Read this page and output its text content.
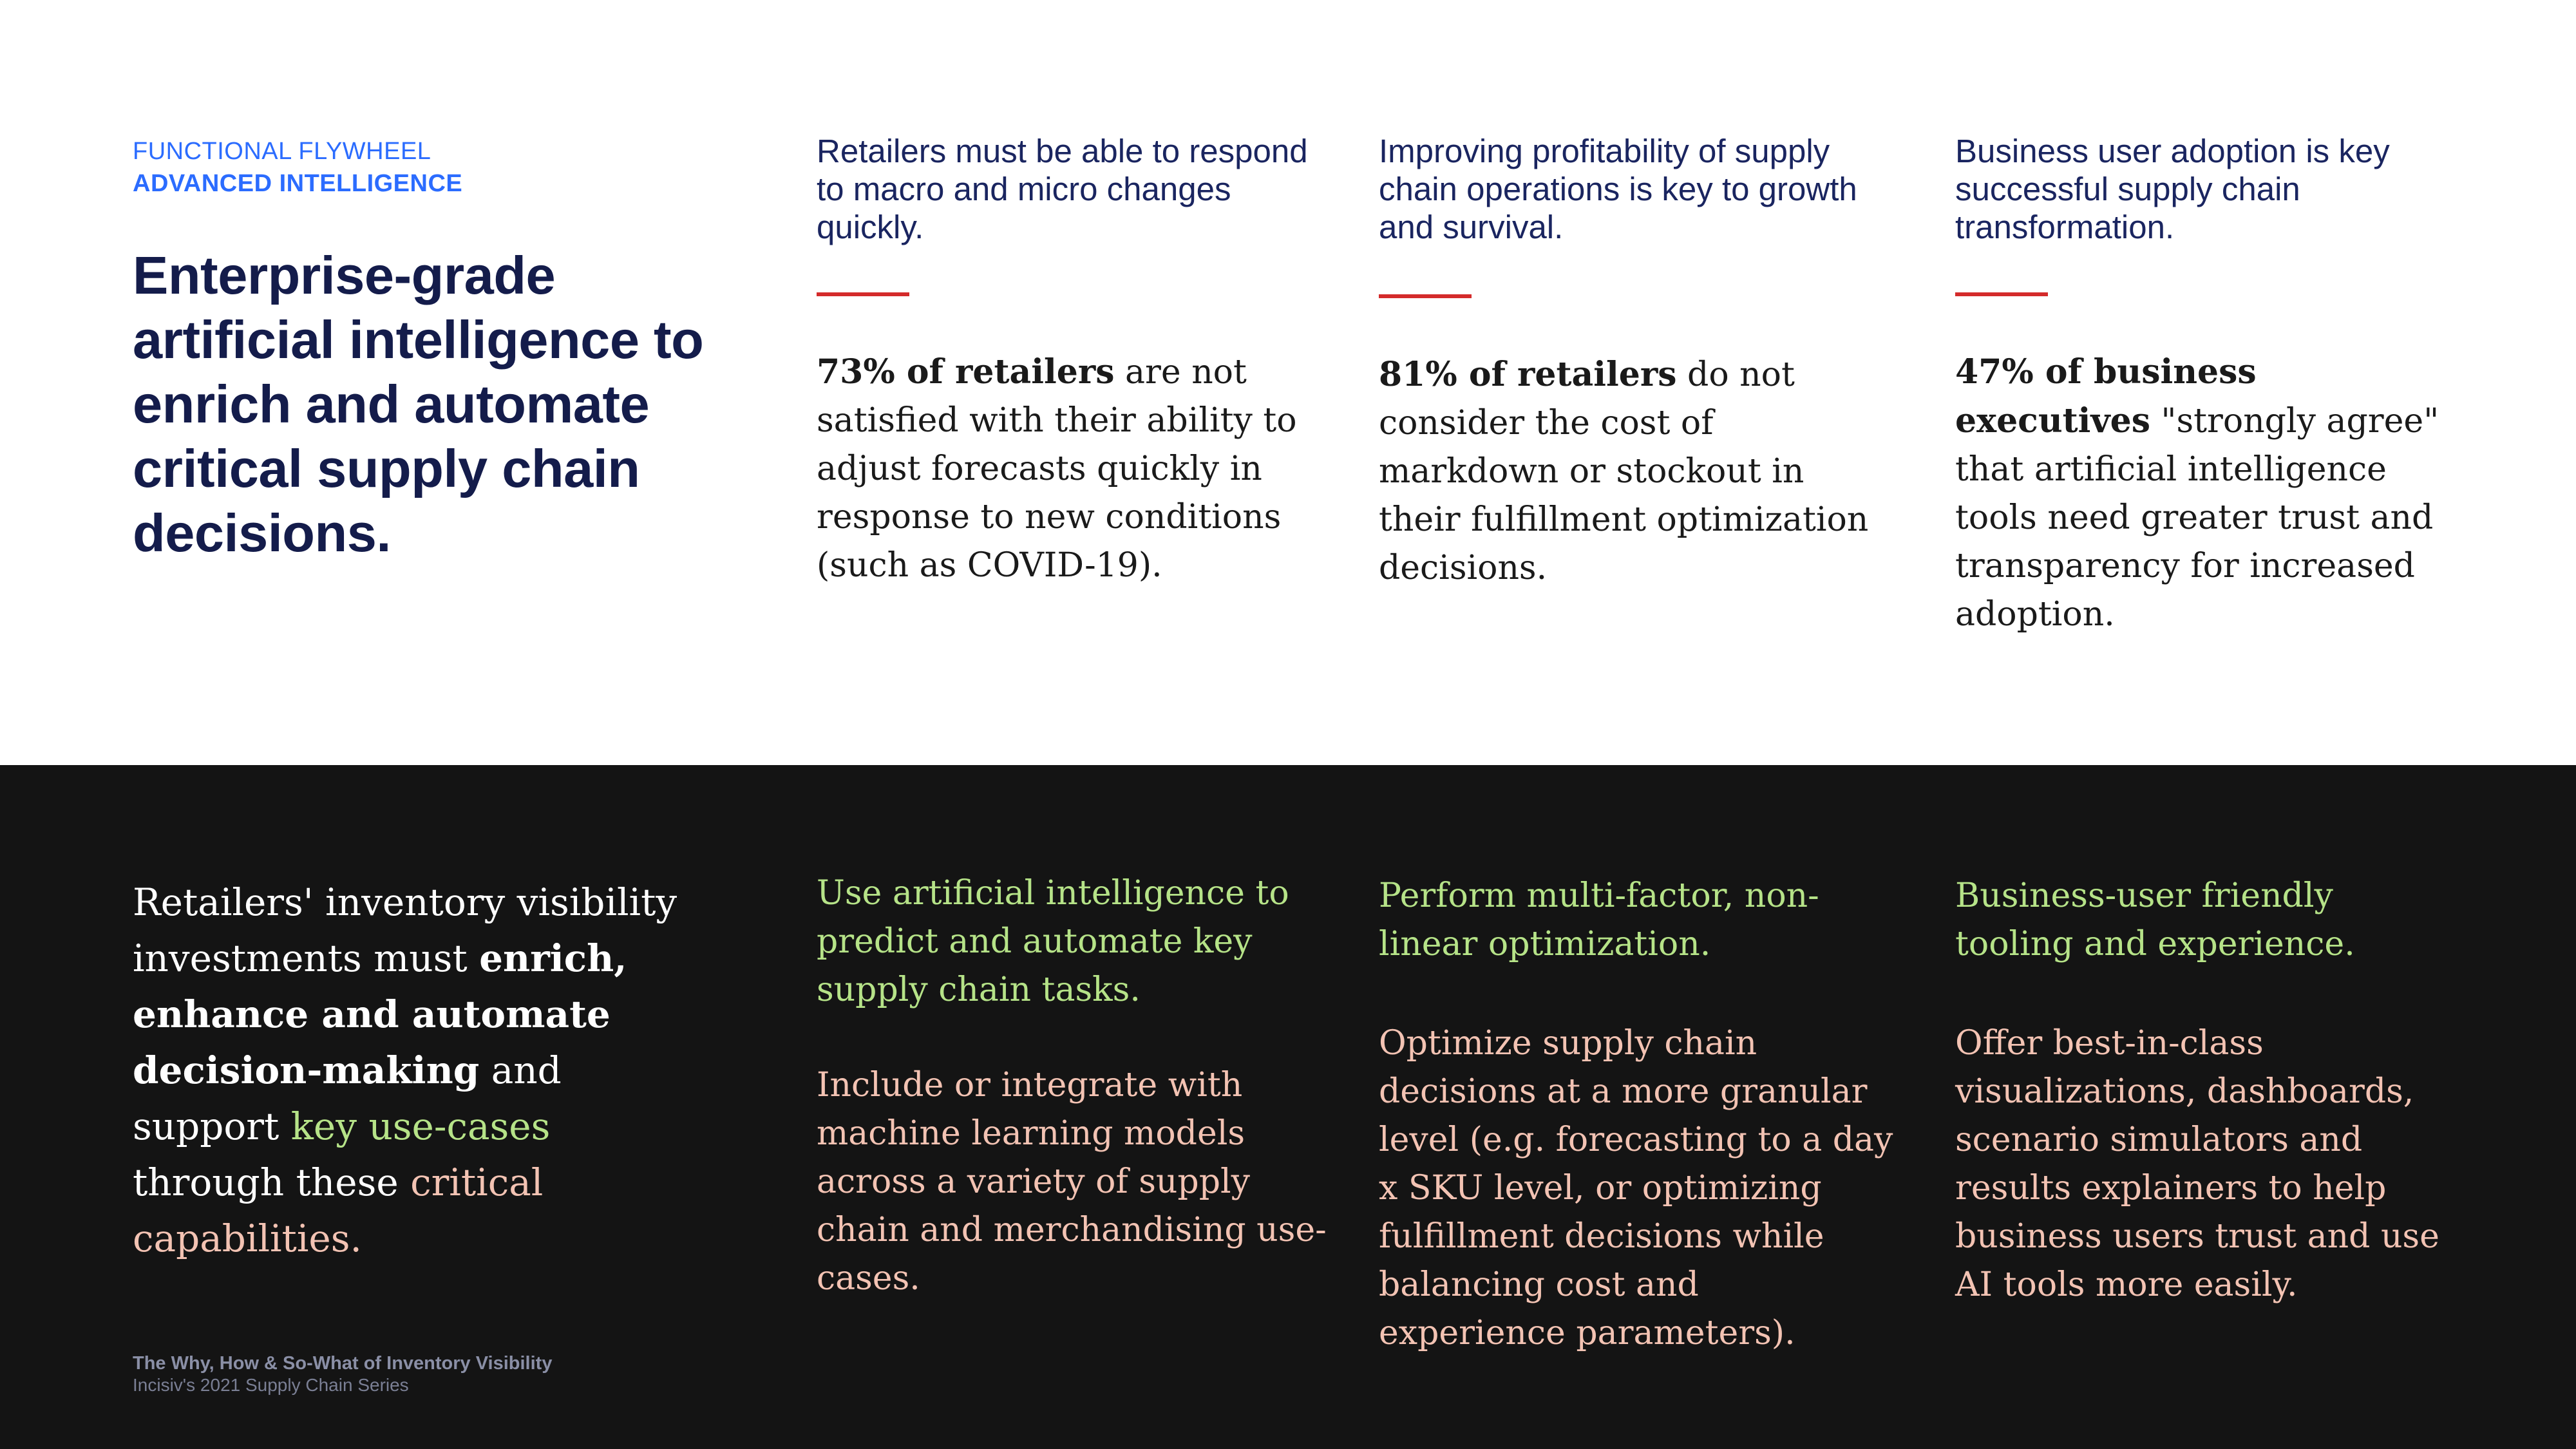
FUNCTIONAL FLYWHEEL
ADVANCED INTELLIGENCE
Enterprise-grade artificial intelligence to enrich and automate critical supply chain decisions.
Retailers must be able to respond to macro and micro changes quickly.
73% of retailers are not satisfied with their ability to adjust forecasts quickly in response to new conditions (such as COVID-19).
Improving profitability of supply chain operations is key to growth and survival.
81% of retailers do not consider the cost of markdown or stockout in their fulfillment optimization decisions.
Business user adoption is key successful supply chain transformation.
47% of business executives "strongly agree" that artificial intelligence tools need greater trust and transparency for increased adoption.
Retailers' inventory visibility investments must enrich, enhance and automate decision-making and support key use-cases through these critical capabilities.
Use artificial intelligence to predict and automate key supply chain tasks.
Include or integrate with machine learning models across a variety of supply chain and merchandising use-cases.
Perform multi-factor, non-linear optimization.
Optimize supply chain decisions at a more granular level (e.g. forecasting to a day x SKU level, or optimizing fulfillment decisions while balancing cost and experience parameters).
Business-user friendly tooling and experience.
Offer best-in-class visualizations, dashboards, scenario simulators and results explainers to help business users trust and use AI tools more easily.
The Why, How & So-What of Inventory Visibility
Incisiv's 2021 Supply Chain Series
